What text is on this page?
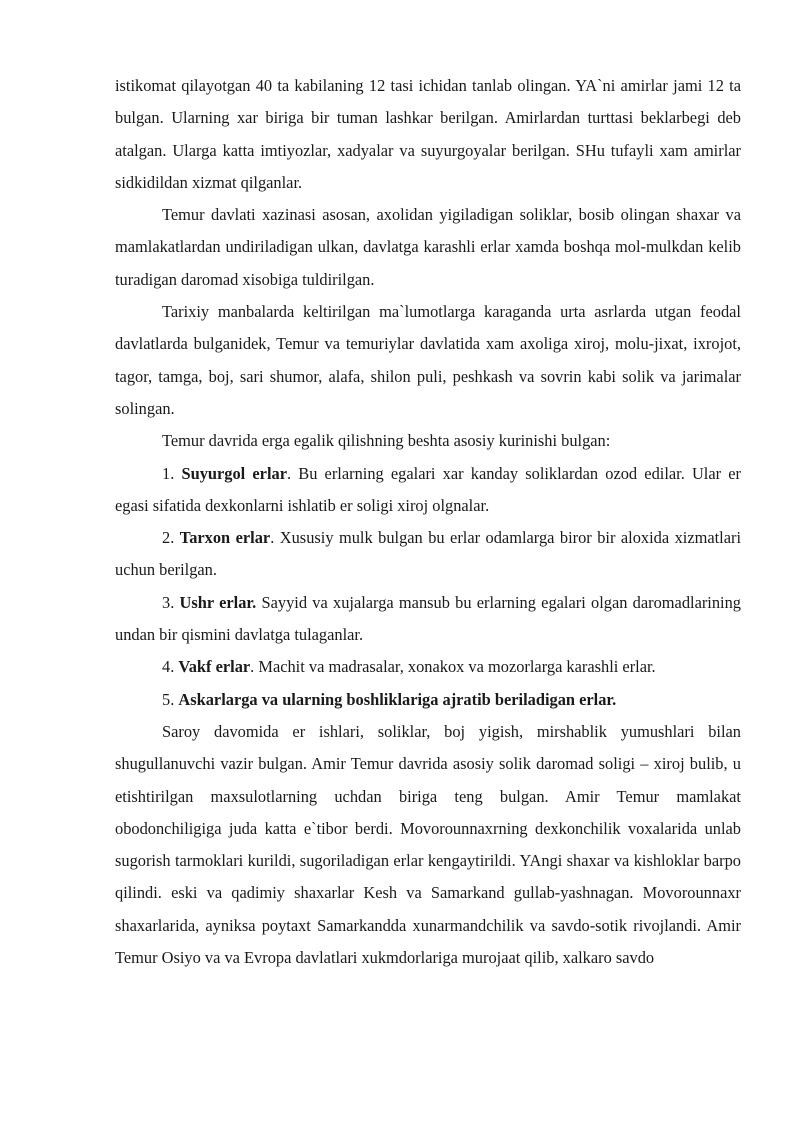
istikomat qilayotgan 40 ta kabilaning 12 tasi ichidan tanlab olingan. YA`ni amirlar jami 12 ta bulgan. Ularning xar biriga bir tuman lashkar berilgan. Amirlardan turttasi beklarbegi deb atalgan. Ularga katta imtiyozlar, xadyalar va suyurgoyalar berilgan. SHu tufayli xam amirlar sidkidildan xizmat qilganlar.

Temur davlati xazinasi asosan, axolidan yigiladigan soliklar, bosib olingan shaxar va mamlakatlardan undiriladigan ulkan, davlatga karashli erlar xamda boshqa mol-mulkdan kelib turadigan daromad xisobiga tuldirilgan.

Tarixiy manbalarda keltirilgan ma`lumotlarga karaganda urta asrlarda utgan feodal davlatlarda bulganidek, Temur va temuriylar davlatida xam axoliga xiroj, molu-jixat, ixrojot, tagor, tamga, boj, sari shumor, alafa, shilon puli, peshkash va sovrin kabi solik va jarimalar solingan.

Temur davrida erga egalik qilishning beshta asosiy kurinishi bulgan:

1. Suyurgol erlar. Bu erlarning egalari xar kanday soliklardan ozod edilar. Ular er egasi sifatida dexkonlarni ishlatib er soligi xiroj olgnalar.

2. Tarxon erlar. Xususiy mulk bulgan bu erlar odamlarga biror bir aloxida xizmatlari uchun berilgan.

3. Ushr erlar. Sayyid va xujalarga mansub bu erlarning egalari olgan daromadlarining undan bir qismini davlatga tulaganlar.

4. Vakf erlar. Machit va madrasalar, xonakox va mozorlarga karashli erlar.

5. Askarlarga va ularning boshliklariga ajratib beriladigan erlar.

Saroy davomida er ishlari, soliklar, boj yigish, mirshablik yumushlari bilan shugullanuvchi vazir bulgan. Amir Temur davrida asosiy solik daromad soligi – xiroj bulib, u etishtirilgan maxsulotlarning uchdan biriga teng bulgan. Amir Temur mamlakat obodonchiligiga juda katta e`tibor berdi. Movorounnaxrning dexkonchilik voxalarida unlab sugorish tarmoklari kurildi, sugoriladigan erlar kengaytirildi. YAngi shaxar va kishloklar barpo qilindi. eski va qadimiy shaxarlar Kesh va Samarkand gullab-yashnagan. Movorounnaxr shaxarlarida, ayniksa poytaxt Samarkandda xunarmandchilik va savdo-sotik rivojlandi. Amir Temur Osiyo va va Evropa davlatlari xukmdorlariga murojaat qilib, xalkaro savdo
